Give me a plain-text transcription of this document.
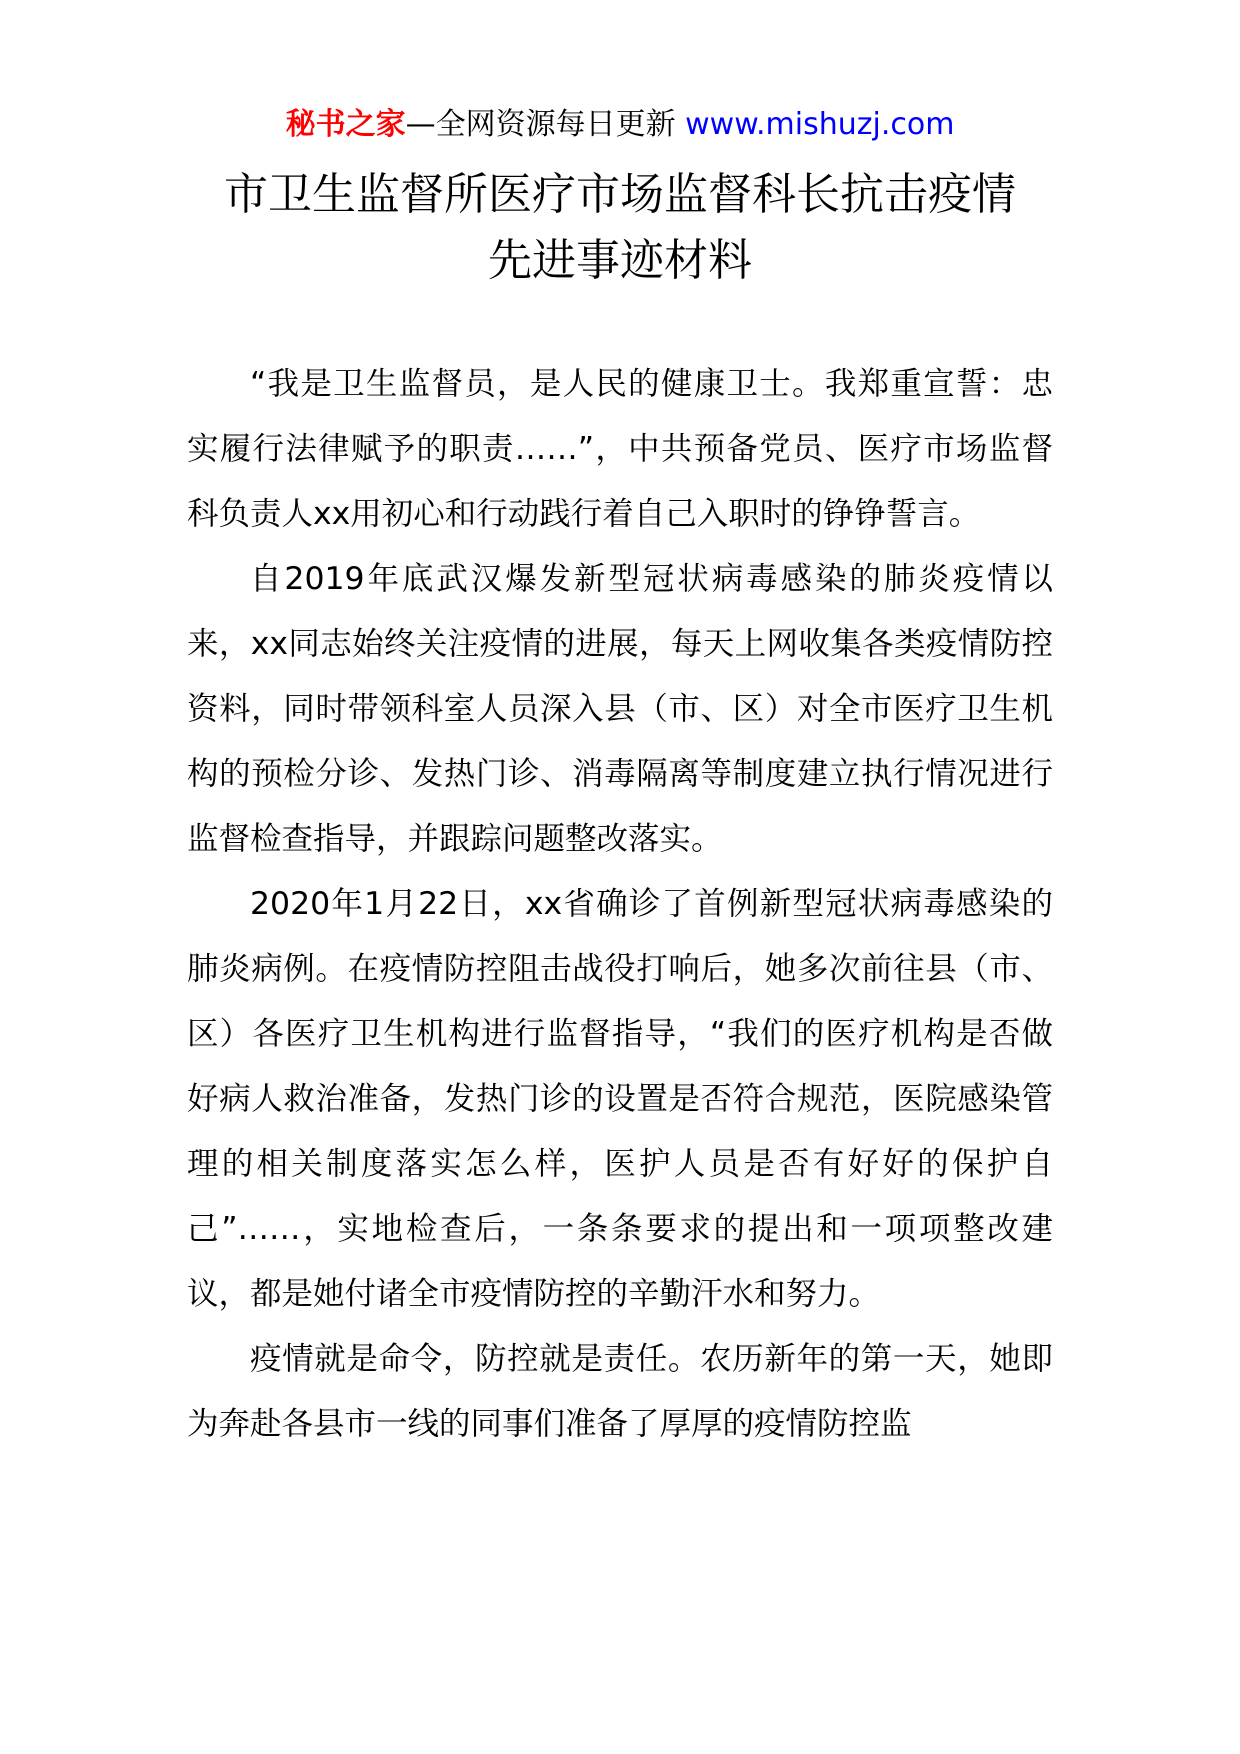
秘书之家—全网资源每日更新 www.mishuzj.com
市卫生监督所医疗市场监督科长抗击疫情
先进事迹材料

“我是卫生监督员，是人民的健康卫士。我郑重宣誓：忠实履行法律赋予的职责……”，中共预备党员、医疗市场监督科负责人xx用初心和行动践行着自己入职时的铮铮誓言。

自2019年底武汉爆发新型冠状病毒感染的肺炎疫情以来，xx同志始终关注疫情的进展，每天上网收集各类疫情防控资料，同时带领科室人员深入县（市、区）对全市医疗卫生机构的预检分诊、发热门诊、消毒隔离等制度建立执行情况进行监督检查指导，并跟踪问题整改落实。

2020年1月22日，xx省确诊了首例新型冠状病毒感染的肺炎病例。在疫情防控阻击战役打响后，她多次前往县（市、区）各医疗卫生机构进行监督指导，“我们的医疗机构是否做好病人救治准备，发热门诊的设置是否符合规范，医院感染管理的相关制度落实怎么样，医护人员是否有好好的保护自己”……，实地检查后，一条条要求的提出和一项项整改建议，都是她付诸全市疫情防控的辛勤汗水和努力。

疫情就是命令，防控就是责任。农历新年的第一天，她即为奔赴各县市一线的同事们准备了厚厚的疫情防控监
